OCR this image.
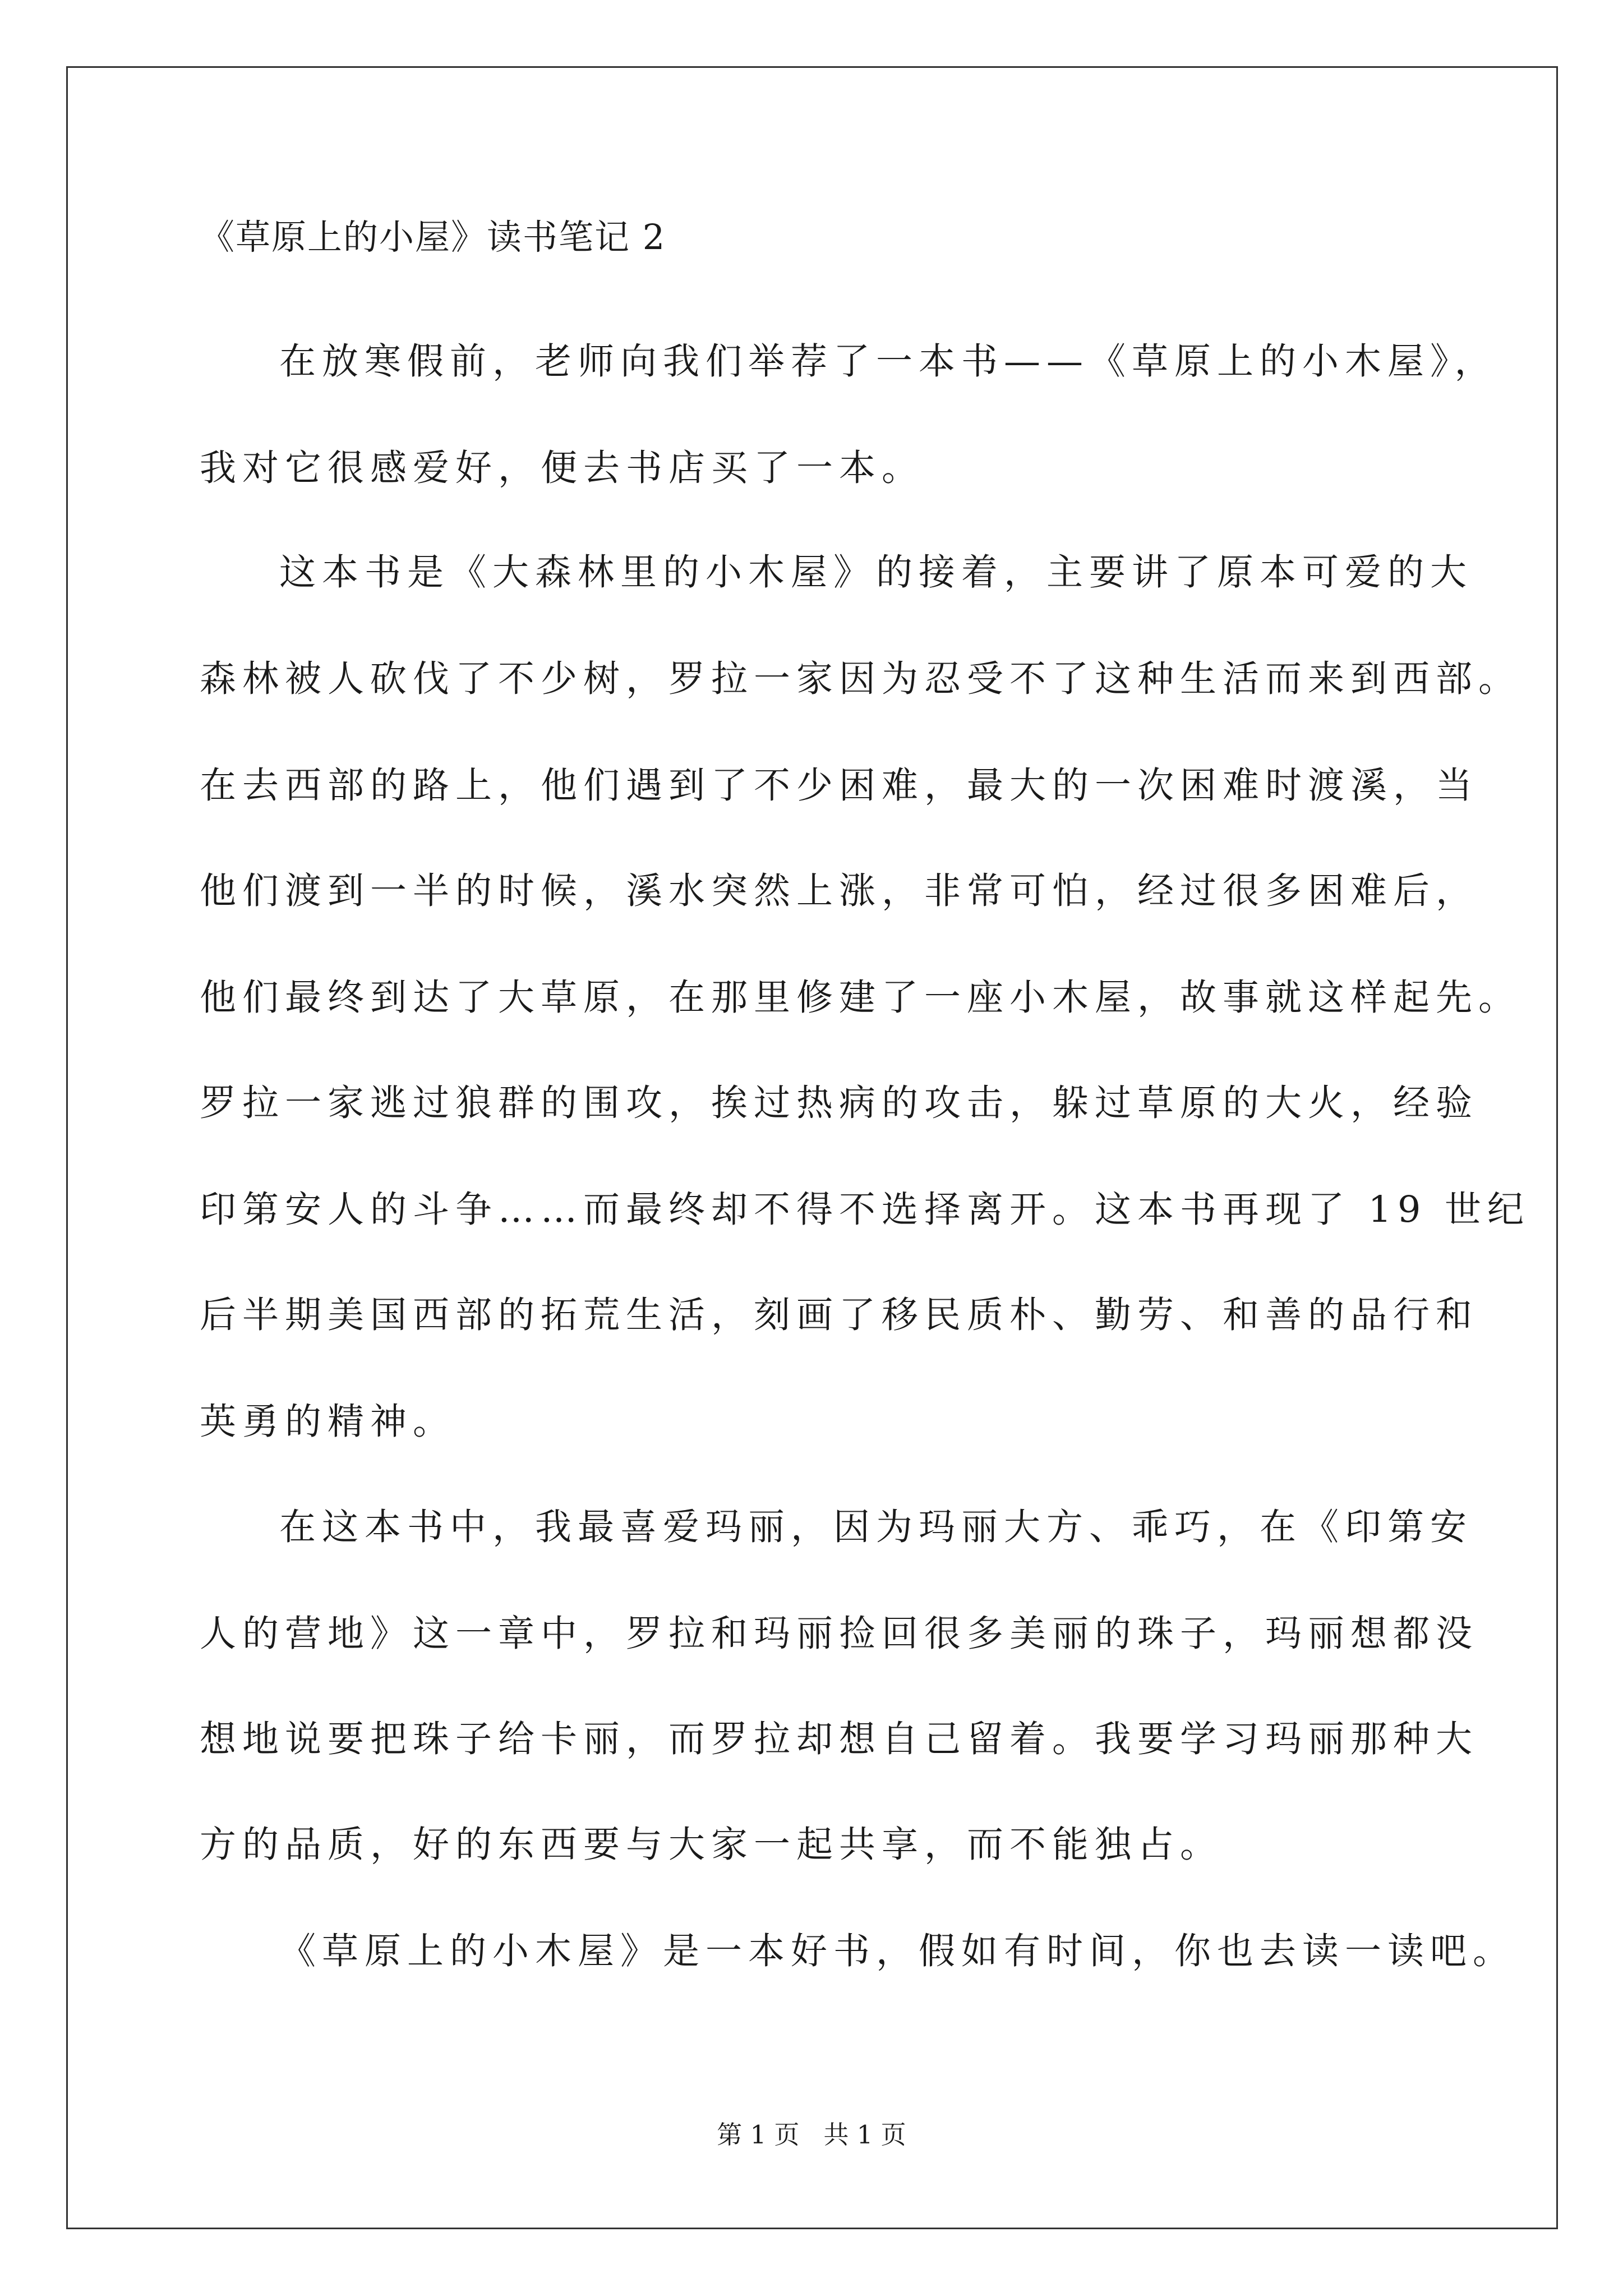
《草原上的小屋》读书笔记 2
在放寒假前，老师向我们举荐了一本书——《草原上的小木屋》，
我对它很感爱好，便去书店买了一本。
这本书是《大森林里的小木屋》的接着，主要讲了原本可爱的大
森林被人砍伐了不少树，罗拉一家因为忍受不了这种生活而来到西部。
在去西部的路上，他们遇到了不少困难，最大的一次困难时渡溪，当
他们渡到一半的时候，溪水突然上涨，非常可怕，经过很多困难后，
他们最终到达了大草原，在那里修建了一座小木屋，故事就这样起先。
罗拉一家逃过狼群的围攻，挨过热病的攻击，躲过草原的大火，经验
印第安人的斗争……而最终却不得不选择离开。这本书再现了 19 世纪
后半期美国西部的拓荒生活，刻画了移民质朴、勤劳、和善的品行和
英勇的精神。
在这本书中，我最喜爱玛丽，因为玛丽大方、乖巧，在《印第安
人的营地》这一章中，罗拉和玛丽捡回很多美丽的珠子，玛丽想都没
想地说要把珠子给卡丽，而罗拉却想自己留着。我要学习玛丽那种大
方的品质，好的东西要与大家一起共享，而不能独占。
《草原上的小木屋》是一本好书，假如有时间，你也去读一读吧。
第 1 页   共 1 页
